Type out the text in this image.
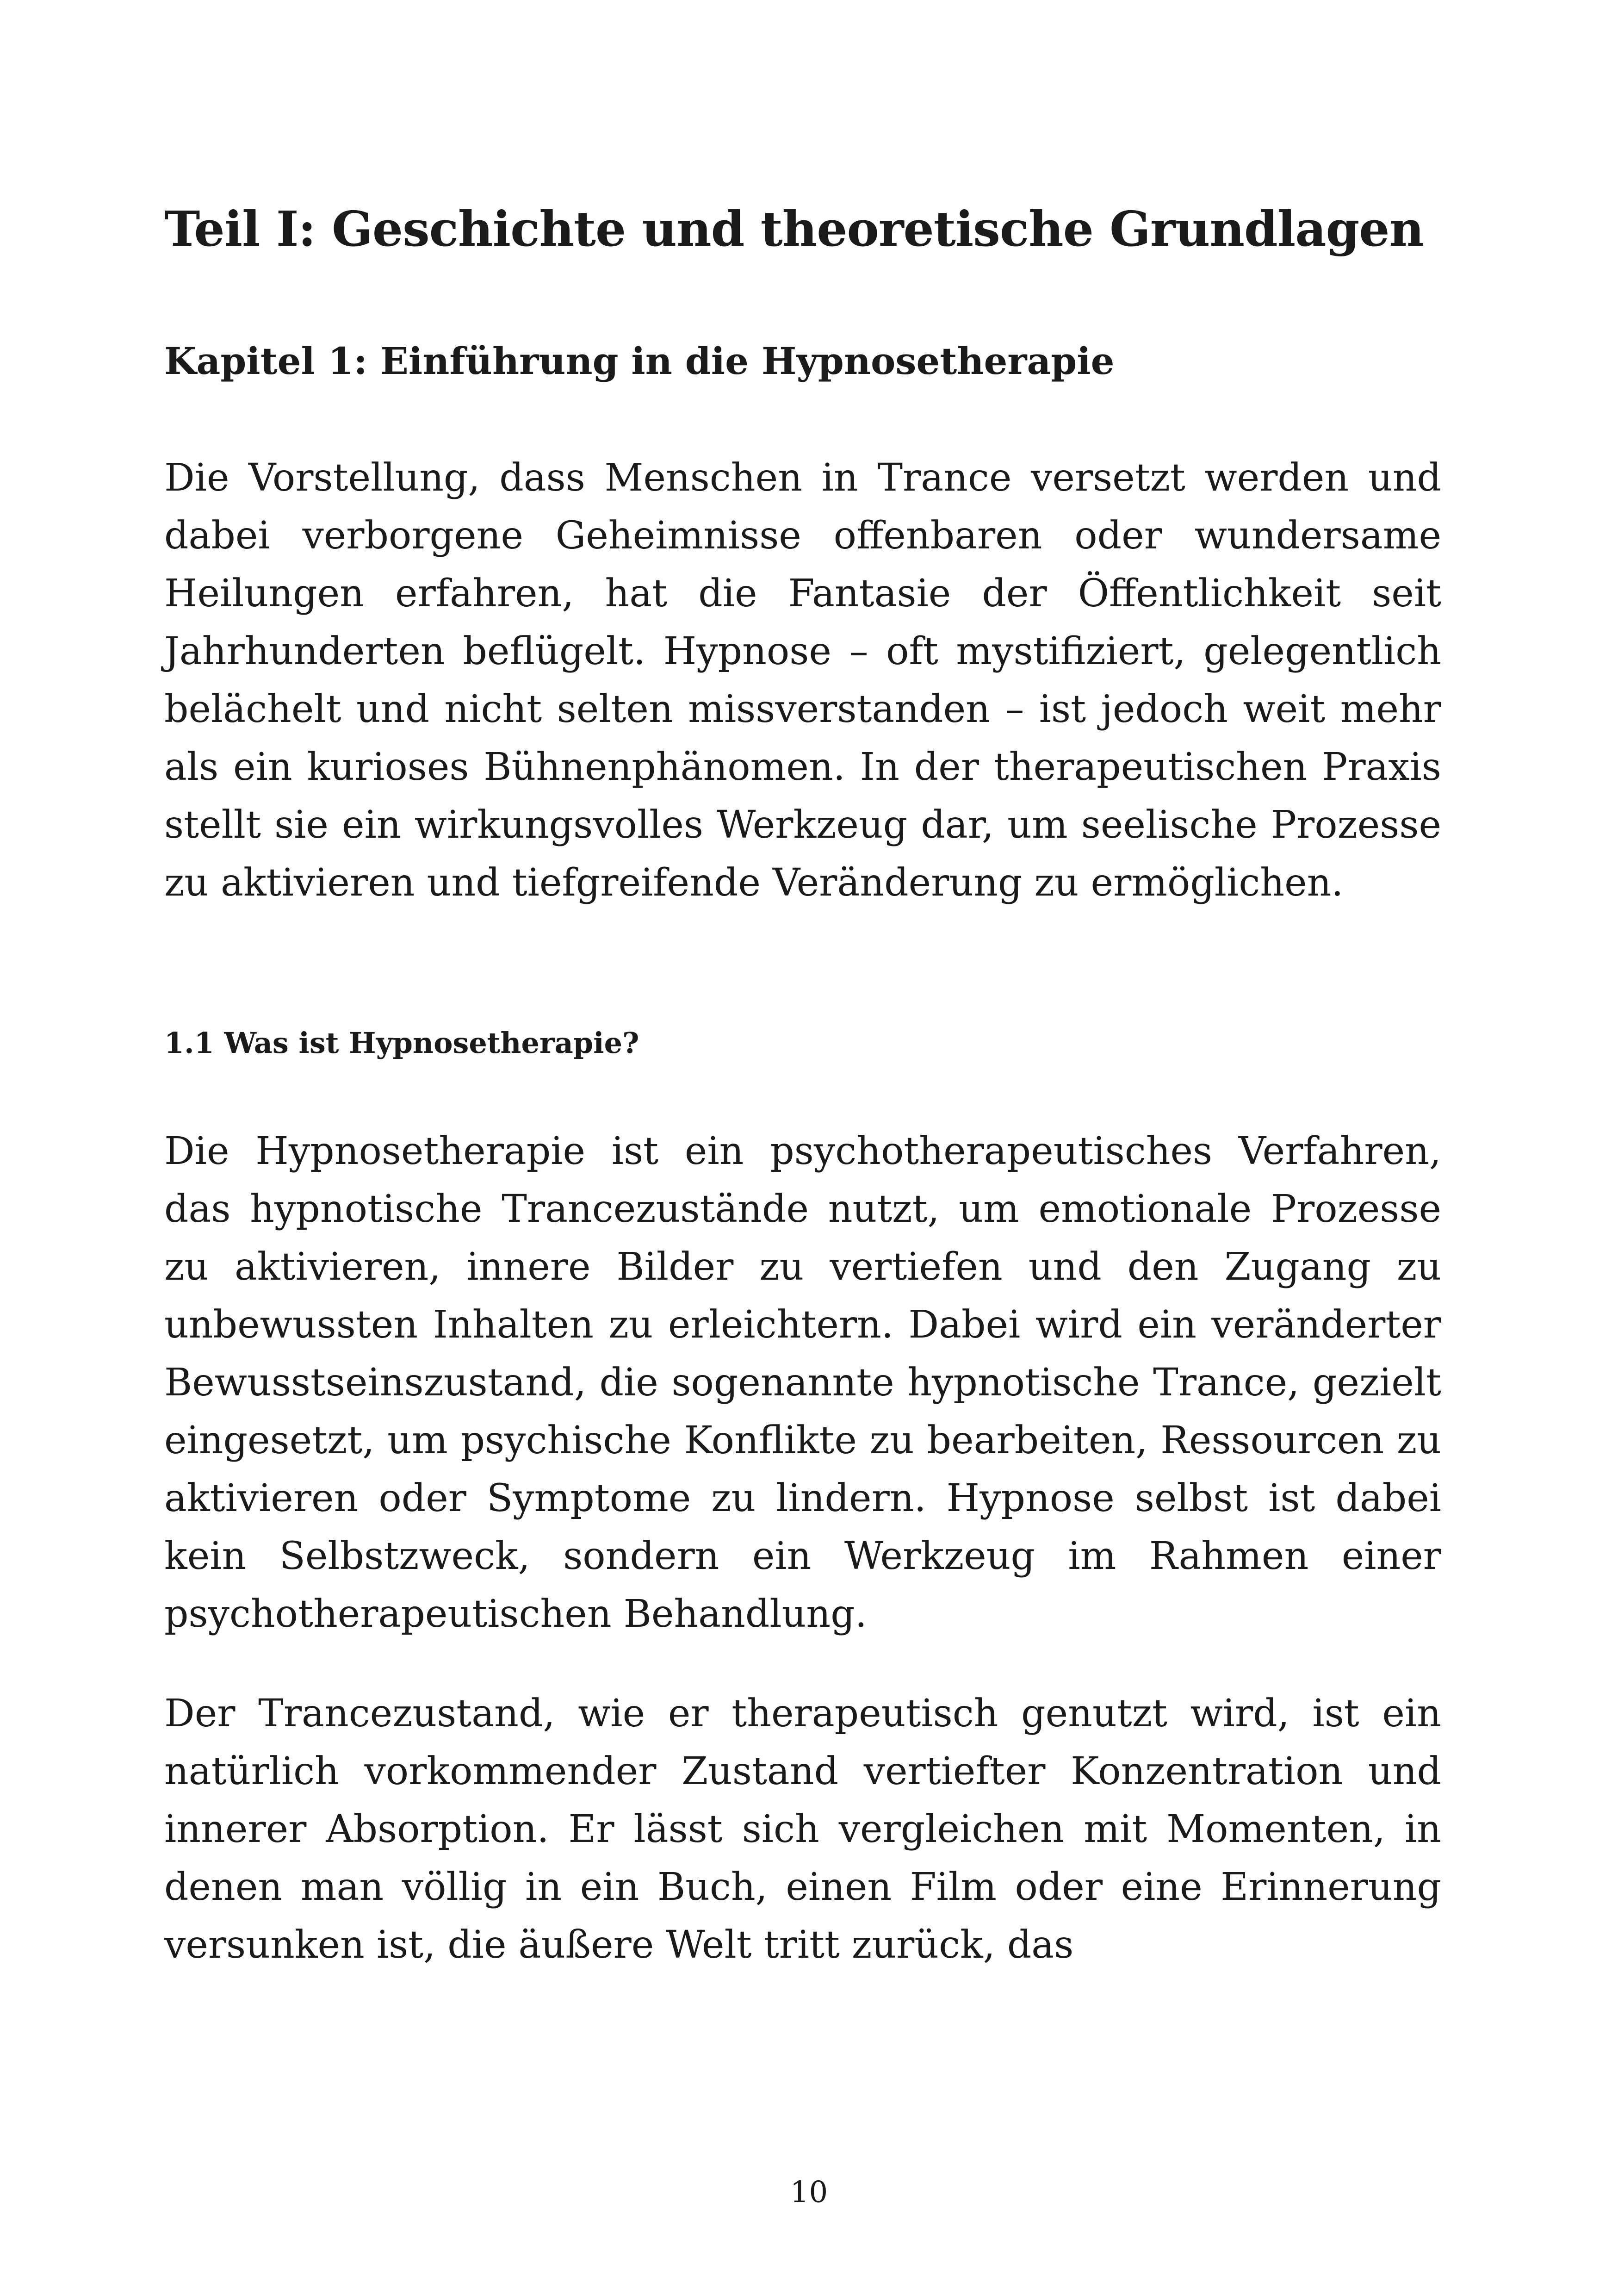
Teil I: Geschichte und theoretische Grundlagen
Kapitel 1: Einführung in die Hypnosetherapie

Die Vorstellung, dass Menschen in Trance versetzt werden und dabei verborgene Geheimnisse offenbaren oder wundersame Heilungen erfahren, hat die Fantasie der Öffentlichkeit seit Jahrhunderten beflügelt. Hypnose – oft mystifiziert, gelegentlich belächelt und nicht selten missverstanden – ist jedoch weit mehr als ein kurioses Bühnenphänomen. In der therapeutischen Praxis stellt sie ein wirkungsvolles Werkzeug dar, um seelische Prozesse zu aktivieren und tiefgreifende Veränderung zu ermöglichen.

1.1 Was ist Hypnosetherapie?

Die Hypnosetherapie ist ein psychotherapeutisches Verfahren, das hypnotische Trancezustände nutzt, um emotionale Prozesse zu aktivieren, innere Bilder zu vertiefen und den Zugang zu unbewussten Inhalten zu erleichtern. Dabei wird ein veränderter Bewusstseinszustand, die sogenannte hypnotische Trance, gezielt eingesetzt, um psychische Konflikte zu bearbeiten, Ressourcen zu aktivieren oder Symptome zu lindern. Hypnose selbst ist dabei kein Selbstzweck, sondern ein Werkzeug im Rahmen einer psychotherapeutischen Behandlung.

Der Trancezustand, wie er therapeutisch genutzt wird, ist ein natürlich vorkommender Zustand vertiefter Konzentration und innerer Absorption. Er lässt sich vergleichen mit Momenten, in denen man völlig in ein Buch, einen Film oder eine Erinnerung versunken ist, die äußere Welt tritt zurück, das

10
